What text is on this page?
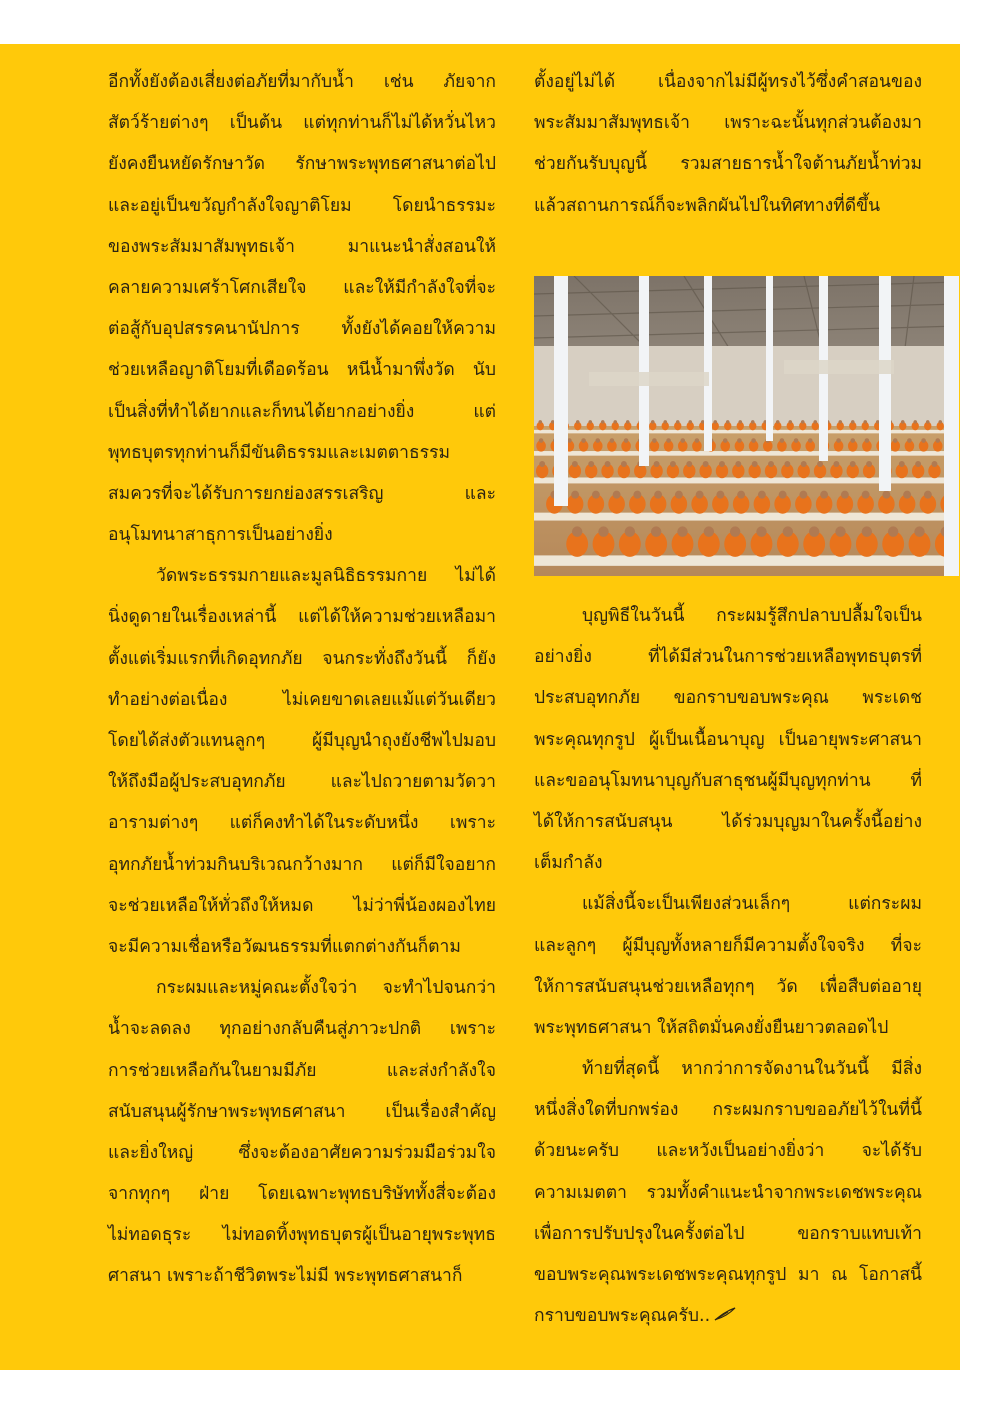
อีกทั้งยังต้องเสี่ยงต่อภัยที่มากับน้ำ เช่น ภัยจาก
สัตว์ร้ายต่างๆ เป็นต้น แต่ทุกท่านก็ไม่ได้หวั่นไหว
ยังคงยืนหยัดรักษาวัด รักษาพระพุทธศาสนาต่อไป
และอยู่เป็นขวัญกำลังใจญาติโยม โดยนำธรรมะ
ของพระสัมมาสัมพุทธเจ้า มาแนะนำสั่งสอนให้
คลายความเศร้าโศกเสียใจ และให้มีกำลังใจที่จะ
ต่อสู้กับอุปสรรคนานัปการ ทั้งยังได้คอยให้ความ
ช่วยเหลือญาติโยมที่เดือดร้อน หนีน้ำมาพึ่งวัด นับ
เป็นสิ่งที่ทำได้ยากและก็ทนได้ยากอย่างยิ่ง แต่
พุทธบุตรทุกท่านก็มีขันติธรรมและเมตตาธรรม
สมควรที่จะได้รับการยกย่องสรรเสริญ และ
อนุโมทนาสาธุการเป็นอย่างยิ่ง
วัดพระธรรมกายและมูลนิธิธรรมกาย ไม่ได้
นิ่งดูดายในเรื่องเหล่านี้ แต่ได้ให้ความช่วยเหลือมา
ตั้งแต่เริ่มแรกที่เกิดอุทกภัย จนกระทั่งถึงวันนี้ ก็ยัง
ทำอย่างต่อเนื่อง ไม่เคยขาดเลยแม้แต่วันเดียว
โดยได้ส่งตัวแทนลูกๆ ผู้มีบุญนำถุงยังชีพไปมอบ
ให้ถึงมือผู้ประสบอุทกภัย และไปถวายตามวัดวา
อารามต่างๆ แต่ก็คงทำได้ในระดับหนึ่ง เพราะ
อุทกภัยน้ำท่วมกินบริเวณกว้างมาก แต่ก็มีใจอยาก
จะช่วยเหลือให้ทั่วถึงให้หมด ไม่ว่าพี่น้องผองไทย
จะมีความเชื่อหรือวัฒนธรรมที่แตกต่างกันก็ตาม
กระผมและหมู่คณะตั้งใจว่า จะทำไปจนกว่า
น้ำจะลดลง ทุกอย่างกลับคืนสู่ภาวะปกติ เพราะ
การช่วยเหลือกันในยามมีภัย และส่งกำลังใจ
สนับสนุนผู้รักษาพระพุทธศาสนา เป็นเรื่องสำคัญ
และยิ่งใหญ่ ซึ่งจะต้องอาศัยความร่วมมือร่วมใจ
จากทุกๆ ฝ่าย โดยเฉพาะพุทธบริษัททั้งสี่จะต้อง
ไม่ทอดธุระ ไม่ทอดทิ้งพุทธบุตรผู้เป็นอายุพระพุทธ
ศาสนา เพราะถ้าชีวิตพระไม่มี พระพุทธศาสนาก็
ตั้งอยู่ไม่ได้ เนื่องจากไม่มีผู้ทรงไว้ซึ่งคำสอนของ
พระสัมมาสัมพุทธเจ้า เพราะฉะนั้นทุกส่วนต้องมา
ช่วยกันรับบุญนี้ รวมสายธารน้ำใจต้านภัยน้ำท่วม
แล้วสถานการณ์ก็จะพลิกผันไปในทิศทางที่ดีขึ้น
บุญพิธีในวันนี้ กระผมรู้สึกปลาบปลื้มใจเป็น
อย่างยิ่ง ที่ได้มีส่วนในการช่วยเหลือพุทธบุตรที่
ประสบอุทกภัย ขอกราบขอบพระคุณ พระเดช
พระคุณทุกรูป ผู้เป็นเนื้อนาบุญ เป็นอายุพระศาสนา
และขออนุโมทนาบุญกับสาธุชนผู้มีบุญทุกท่าน ที่
ได้ให้การสนับสนุน ได้ร่วมบุญมาในครั้งนี้อย่าง
เต็มกำลัง
แม้สิ่งนี้จะเป็นเพียงส่วนเล็กๆ แต่กระผม
และลูกๆ ผู้มีบุญทั้งหลายก็มีความตั้งใจจริง ที่จะ
ให้การสนับสนุนช่วยเหลือทุกๆ วัด เพื่อสืบต่ออายุ
พระพุทธศาสนา ให้สถิตมั่นคงยั่งยืนยาวตลอดไป
ท้ายที่สุดนี้ หากว่าการจัดงานในวันนี้ มีสิ่ง
หนึ่งสิ่งใดที่บกพร่อง กระผมกราบขออภัยไว้ในที่นี้
ด้วยนะครับ และหวังเป็นอย่างยิ่งว่า จะได้รับ
ความเมตตา รวมทั้งคำแนะนำจากพระเดชพระคุณ
เพื่อการปรับปรุงในครั้งต่อไป ขอกราบแทบเท้า
ขอบพระคุณพระเดชพระคุณทุกรูป มา ณ โอกาสนี้
กราบขอบพระคุณครับ..
